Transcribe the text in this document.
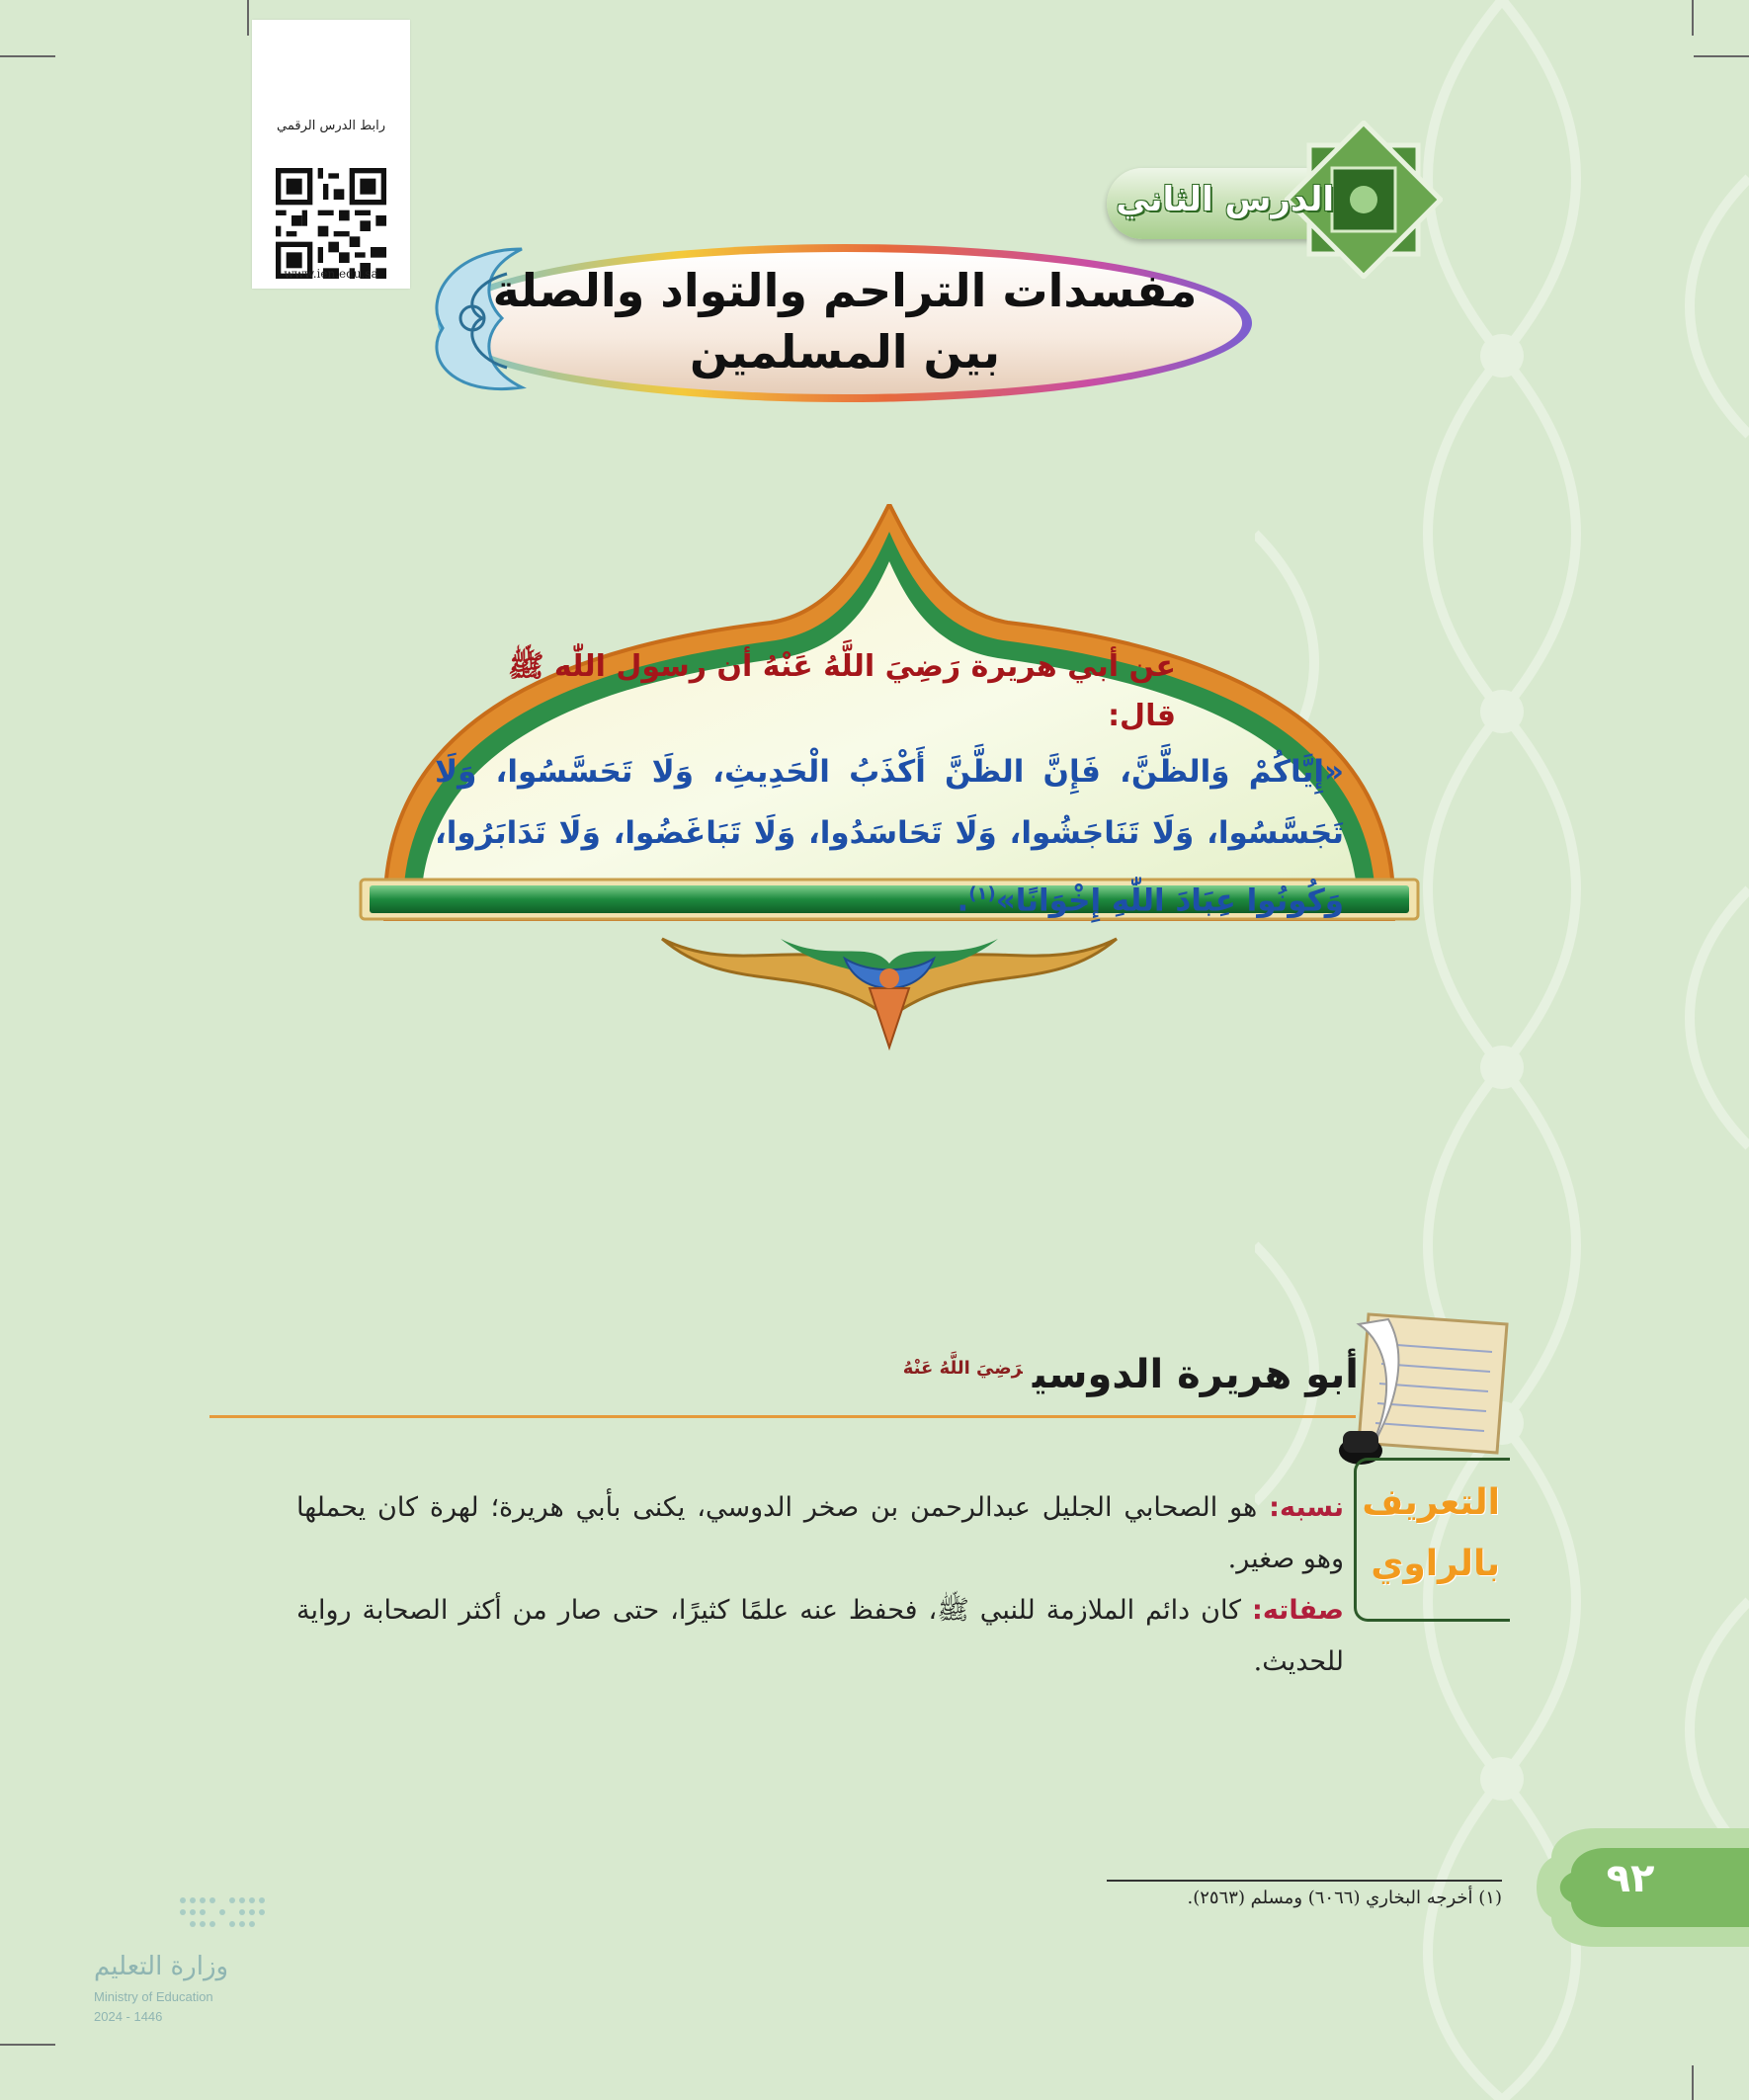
رابط الدرس الرقمي
www.ien.edu.sa
الدرس الثاني
مفسدات التراحم والتواد والصلة
بين المسلمين
عن أبي هريرة رَضِيَ اللَّهُ عَنْهُ أن رسول اللّٰه ﷺ قال:
«إِيَّاكُمْ وَالظَّنَّ، فَإِنَّ الظَّنَّ أَكْذَبُ الْحَدِيثِ، وَلَا تَحَسَّسُوا، وَلَا تَجَسَّسُوا، وَلَا تَنَاجَشُوا، وَلَا تَحَاسَدُوا، وَلَا تَبَاغَضُوا، وَلَا تَدَابَرُوا، وَكُونُوا عِبَادَ اللّٰهِ إِخْوَانًا»$^{(١)}$.
أبو هريرة الدوسي$^{رَضِيَ اللَّهُ عَنْهُ}$
التعريف
بالراوي
نسبه: هو الصحابي الجليل عبدالرحمن بن صخر الدوسي، يكنى بأبي هريرة؛ لهرة كان يحملها وهو صغير.
صفاته: كان دائم الملازمة للنبي ﷺ، فحفظ عنه علمًا كثيرًا، حتى صار من أكثر الصحابة رواية للحديث.
(١) أخرجه البخاري (٦٠٦٦) ومسلم (٢٥٦٣).	٩٢
وزارة التعليم
Ministry of Education
2024 - 1446
